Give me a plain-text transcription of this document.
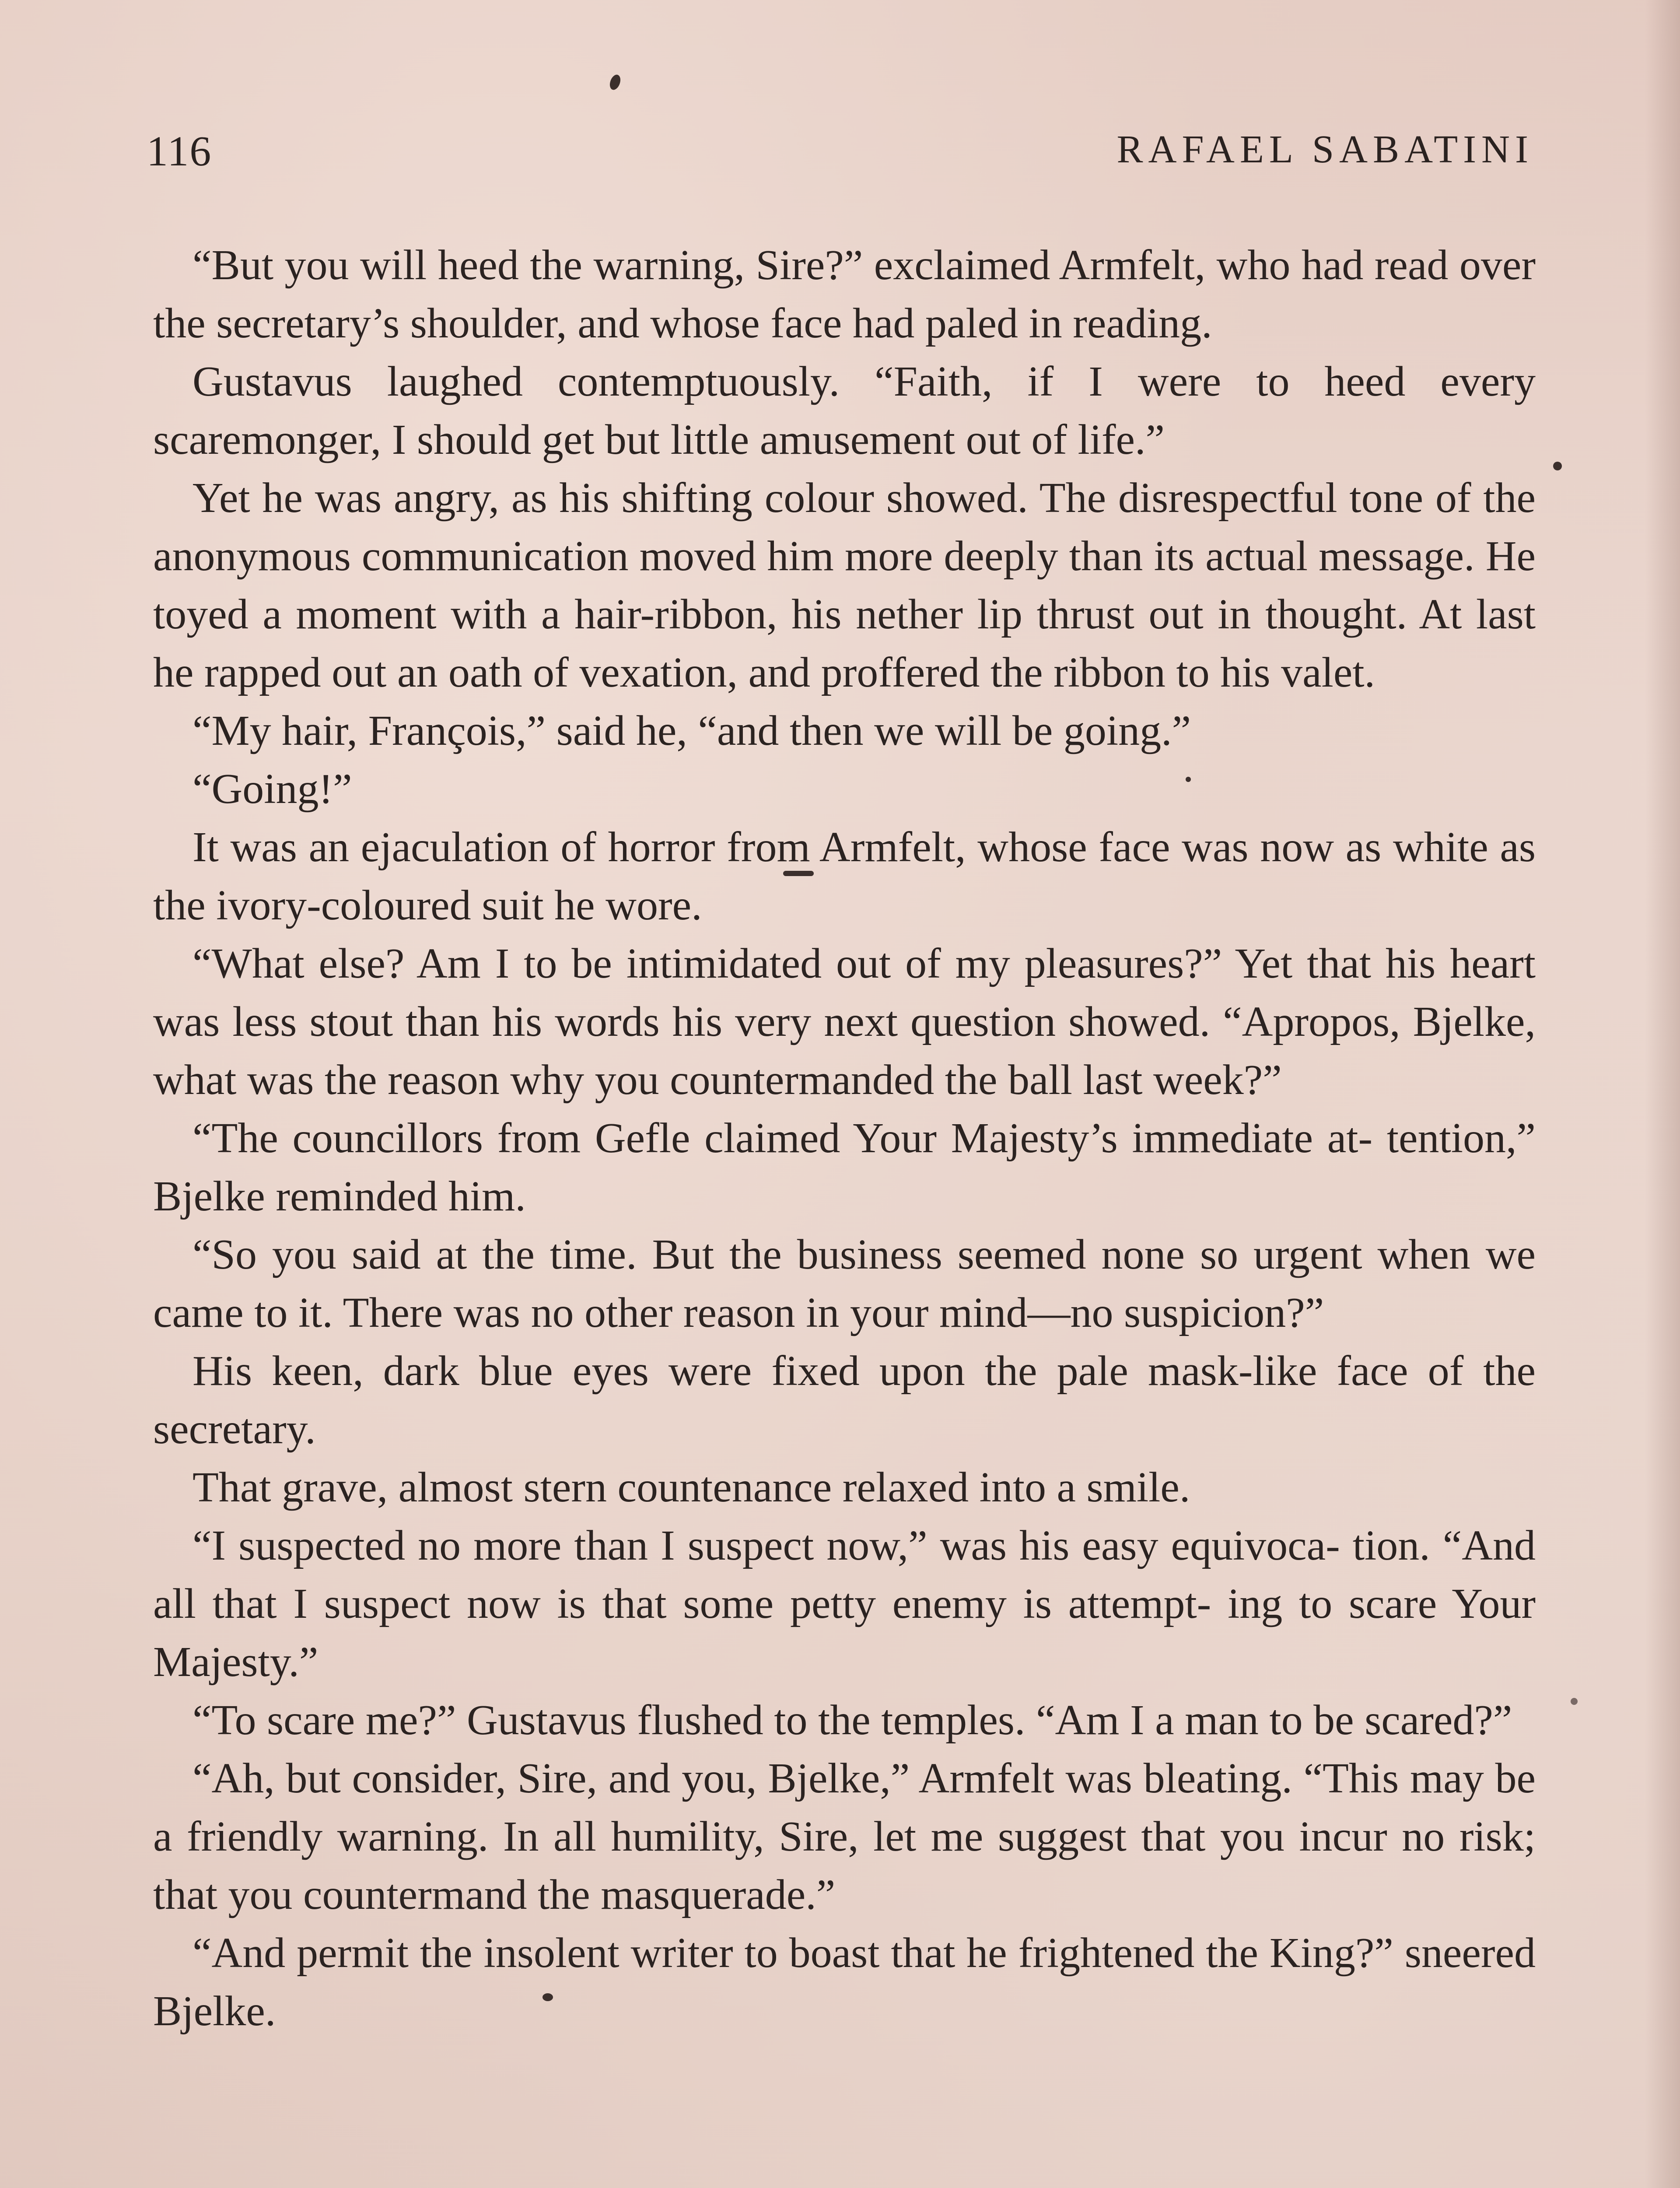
116	RAFAEL SABATINI

“But you will heed the warning, Sire?” exclaimed Armfelt, who had read over the secretary’s shoulder, and whose face had paled in reading.

Gustavus laughed contemptuously. “Faith, if I were to heed every scaremonger, I should get but little amusement out of life.”

Yet he was angry, as his shifting colour showed. The disrespectful tone of the anonymous communication moved him more deeply than its actual message. He toyed a moment with a hair-ribbon, his nether lip thrust out in thought. At last he rapped out an oath of vexation, and proffered the ribbon to his valet.

“My hair, François,” said he, “and then we will be going.”

“Going!”

It was an ejaculation of horror from Armfelt, whose face was now as white as the ivory-coloured suit he wore.

“What else? Am I to be intimidated out of my pleasures?” Yet that his heart was less stout than his words his very next question showed. “Apropos, Bjelke, what was the reason why you countermanded the ball last week?”

“The councillors from Gefle claimed Your Majesty’s immediate at- tention,” Bjelke reminded him.

“So you said at the time. But the business seemed none so urgent when we came to it. There was no other reason in your mind—no suspicion?”

His keen, dark blue eyes were fixed upon the pale mask-like face of the secretary.

That grave, almost stern countenance relaxed into a smile.

“I suspected no more than I suspect now,” was his easy equivoca- tion. “And all that I suspect now is that some petty enemy is attempt- ing to scare Your Majesty.”

“To scare me?” Gustavus flushed to the temples. “Am I a man to be scared?”

“Ah, but consider, Sire, and you, Bjelke,” Armfelt was bleating. “This may be a friendly warning. In all humility, Sire, let me suggest that you incur no risk; that you countermand the masquerade.”

“And permit the insolent writer to boast that he frightened the King?” sneered Bjelke.
